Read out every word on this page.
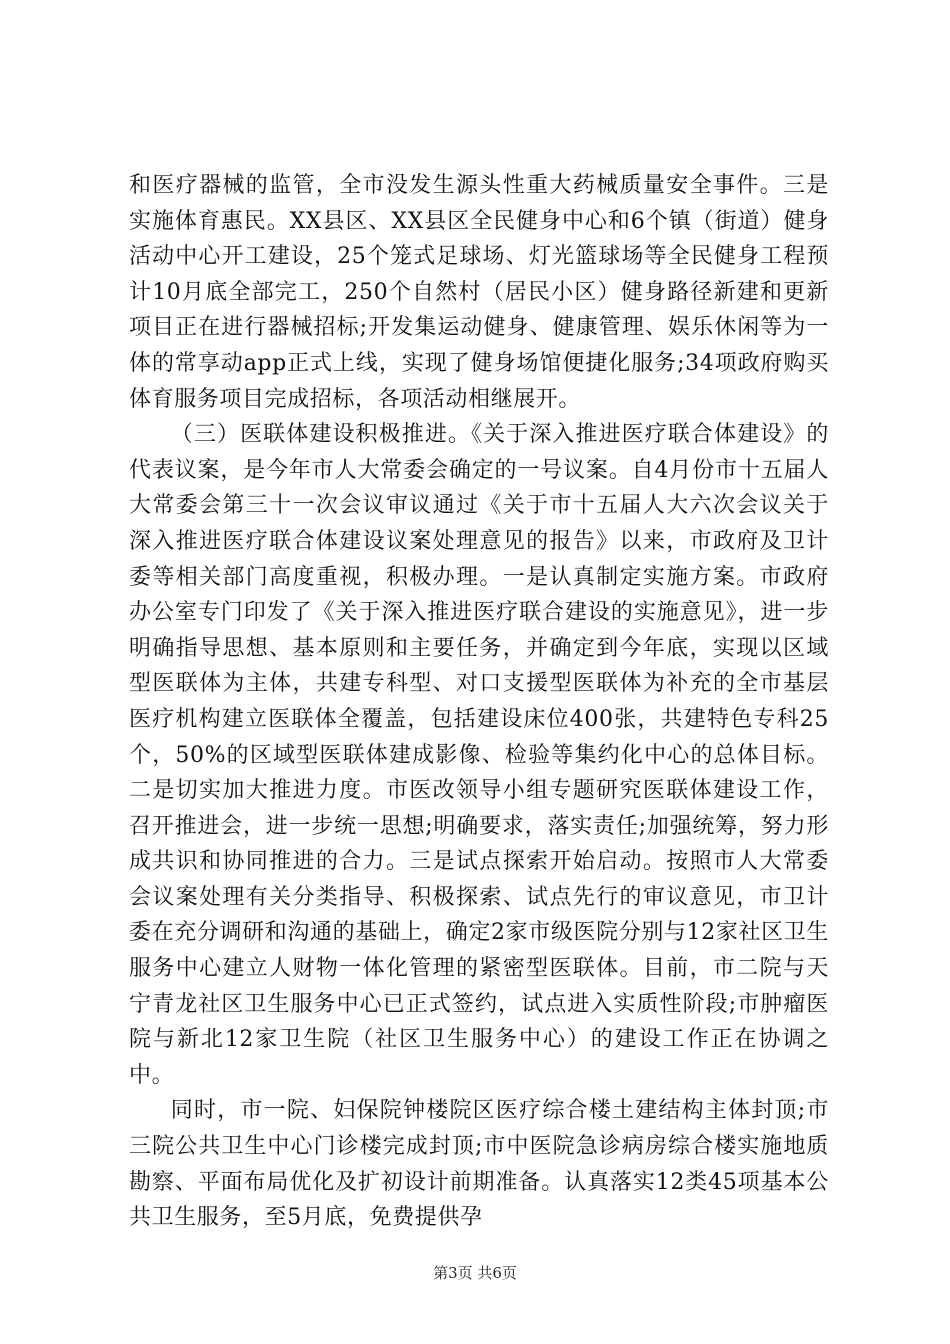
和医疗器械的监管，全市没发生源头性重大药械质量安全事件。三是实施体育惠民。XX县区、XX县区全民健身中心和6个镇（街道）健身活动中心开工建设，25个笼式足球场、灯光篮球场等全民健身工程预计10月底全部完工，250个自然村（居民小区）健身路径新建和更新项目正在进行器械招标;开发集运动健身、健康管理、娱乐休闲等为一体的常享动app正式上线，实现了健身场馆便捷化服务;34项政府购买体育服务项目完成招标，各项活动相继展开。

（三）医联体建设积极推进。《关于深入推进医疗联合体建设》的代表议案，是今年市人大常委会确定的一号议案。自4月份市十五届人大常委会第三十一次会议审议通过《关于市十五届人大六次会议关于深入推进医疗联合体建设议案处理意见的报告》以来，市政府及卫计委等相关部门高度重视，积极办理。一是认真制定实施方案。市政府办公室专门印发了《关于深入推进医疗联合建设的实施意见》，进一步明确指导思想、基本原则和主要任务，并确定到今年底，实现以区域型医联体为主体，共建专科型、对口支援型医联体为补充的全市基层医疗机构建立医联体全覆盖，包括建设床位400张，共建特色专科25个，50%的区域型医联体建成影像、检验等集约化中心的总体目标。二是切实加大推进力度。市医改领导小组专题研究医联体建设工作，召开推进会，进一步统一思想;明确要求，落实责任;加强统筹，努力形成共识和协同推进的合力。三是试点探索开始启动。按照市人大常委会议案处理有关分类指导、积极探索、试点先行的审议意见，市卫计委在充分调研和沟通的基础上，确定2家市级医院分别与12家社区卫生服务中心建立人财物一体化管理的紧密型医联体。目前，市二院与天宁青龙社区卫生服务中心已正式签约，试点进入实质性阶段;市肿瘤医院与新北12家卫生院（社区卫生服务中心）的建设工作正在协调之中。

同时，市一院、妇保院钟楼院区医疗综合楼土建结构主体封顶;市三院公共卫生中心门诊楼完成封顶;市中医院急诊病房综合楼实施地质勘察、平面布局优化及扩初设计前期准备。认真落实12类45项基本公共卫生服务，至5月底，免费提供孕

第3页 共6页
